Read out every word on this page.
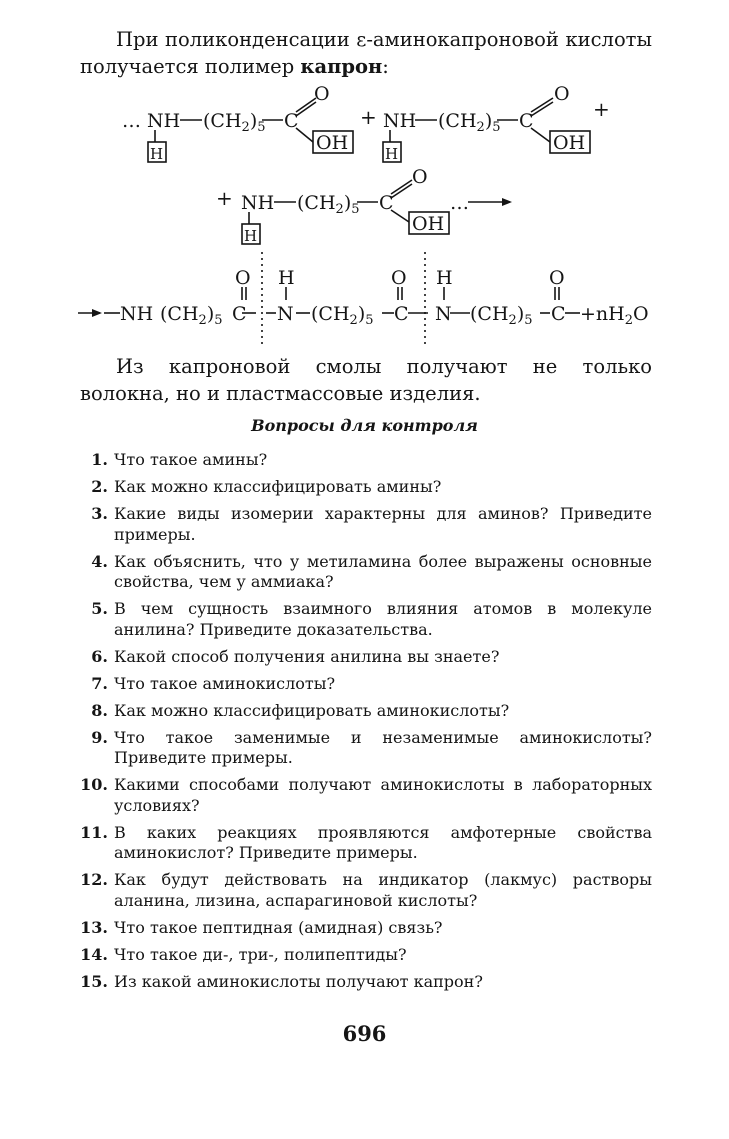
При поликонденсации ε-аминокапроновой кислоты получается полимер капрон:
… NH $(CH_2)_5$ C
O
OH
H
+ NH $(CH_2)_5$ C
O
OH
H
+
+ NH $(CH_2)_5$ C
O
OH
…
H
NH $(CH_2)_5$ C
O
N
H
$(CH_2)_5$ C
O
N
H
$(CH_2)_5$ C
O
$+nH_2O$
Из капроновой смолы получают не только волокна, но и пластмассовые изделия.
Вопросы для контроля
1. Что такое амины?
2. Как можно классифицировать амины?
3. Какие виды изомерии характерны для аминов? Приведите примеры.
4. Как объяснить, что у метиламина более выражены основные свойства, чем у аммиака?
5. В чем сущность взаимного влияния атомов в молекуле анилина? Приведите доказательства.
6. Какой способ получения анилина вы знаете?
7. Что такое аминокислоты?
8. Как можно классифицировать аминокислоты?
9. Что такое заменимые и незаменимые аминокислоты? Приведите примеры.
10. Какими способами получают аминокислоты в лабораторных условиях?
11. В каких реакциях проявляются амфотерные свойства аминокислот? Приведите примеры.
12. Как будут действовать на индикатор (лакмус) растворы аланина, лизина, аспарагиновой кислоты?
13. Что такое пептидная (амидная) связь?
14. Что такое ди-, три-, полипептиды?
15. Из какой аминокислоты получают капрон?
696
